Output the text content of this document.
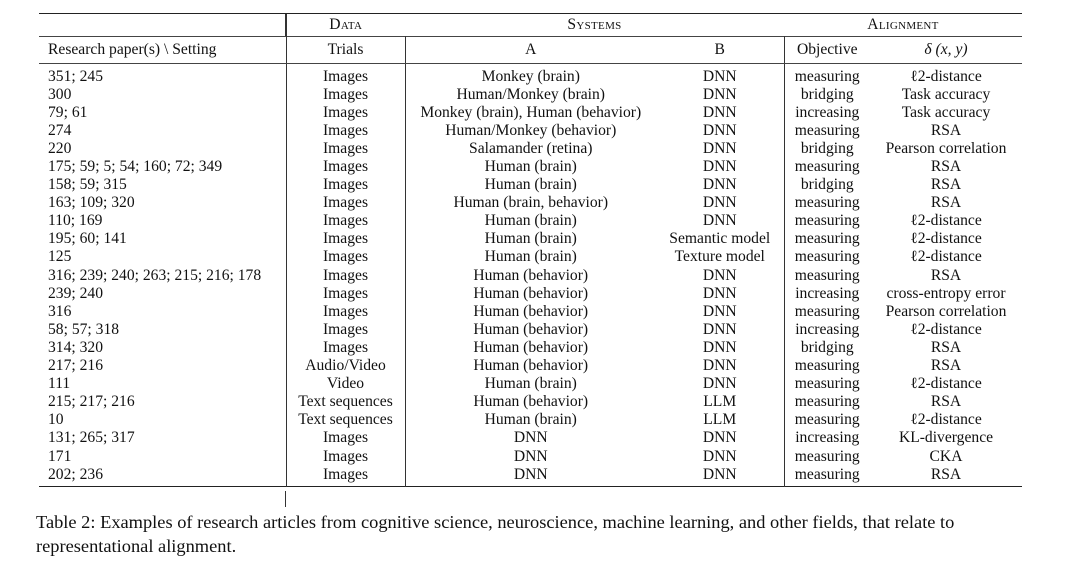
	Data	Systems		Alignment	
Research paper(s) \ Setting	Trials	A	B	Objective	δ (x, y)
351; 245	Images	Monkey (brain)	DNN	measuring	ℓ2-distance
300	Images	Human/Monkey (brain)	DNN	bridging	Task accuracy
79; 61	Images	Monkey (brain), Human (behavior)	DNN	increasing	Task accuracy
274	Images	Human/Monkey (behavior)	DNN	measuring	RSA
220	Images	Salamander (retina)	DNN	bridging	Pearson correlation
175; 59; 5; 54; 160; 72; 349	Images	Human (brain)	DNN	measuring	RSA
158; 59; 315	Images	Human (brain)	DNN	bridging	RSA
163; 109; 320	Images	Human (brain, behavior)	DNN	measuring	RSA
110; 169	Images	Human (brain)	DNN	measuring	ℓ2-distance
195; 60; 141	Images	Human (brain)	Semantic model	measuring	ℓ2-distance
125	Images	Human (brain)	Texture model	measuring	ℓ2-distance
316; 239; 240; 263; 215; 216; 178	Images	Human (behavior)	DNN	measuring	RSA
239; 240	Images	Human (behavior)	DNN	increasing	cross-entropy error
316	Images	Human (behavior)	DNN	measuring	Pearson correlation
58; 57; 318	Images	Human (behavior)	DNN	increasing	ℓ2-distance
314; 320	Images	Human (behavior)	DNN	bridging	RSA
217; 216	Audio/Video	Human (behavior)	DNN	measuring	RSA
111	Video	Human (brain)	DNN	measuring	ℓ2-distance
215; 217; 216	Text sequences	Human (behavior)	LLM	measuring	RSA
10	Text sequences	Human (brain)	LLM	measuring	ℓ2-distance
131; 265; 317	Images	DNN	DNN	increasing	KL-divergence
171	Images	DNN	DNN	measuring	CKA
202; 236	Images	DNN	DNN	measuring	RSA

Table 2: Examples of research articles from cognitive science, neuroscience, machine learning, and other fields, that relate to representational alignment.
